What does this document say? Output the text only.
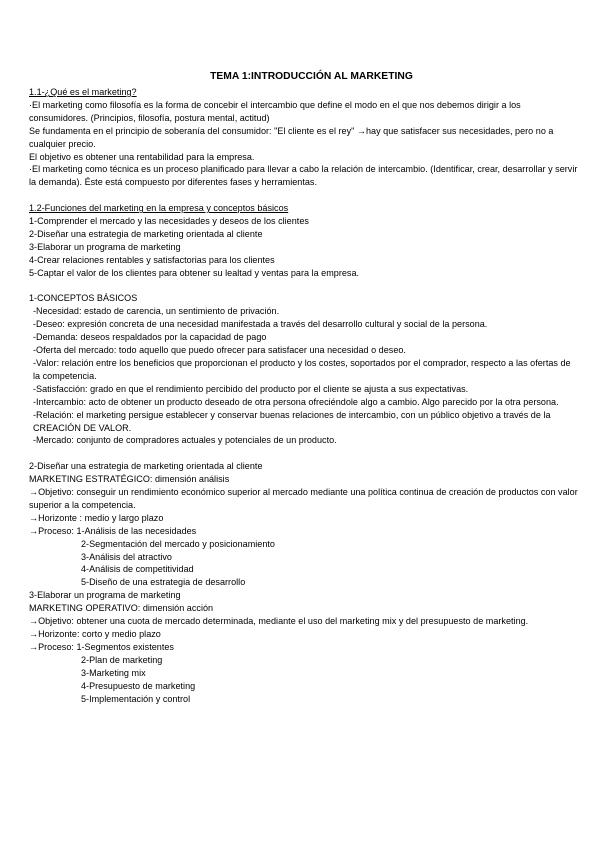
TEMA 1:INTRODUCCIÓN AL MARKETING

1.1-¿Qué es el marketing?

·El marketing como filosofía es la forma de concebir el intercambio que define el modo en el que nos debemos dirigir a los consumidores. (Principios, filosofía, postura mental, actitud)

Se fundamenta en el principio de soberanía del consumidor: "El cliente es el rey" →hay que satisfacer sus necesidades, pero no a cualquier precio.

El objetivo es obtener una rentabilidad para la empresa.

·El marketing como técnica es un proceso planificado para llevar a cabo la relación de intercambio. (Identificar, crear, desarrollar y servir la demanda). Éste está compuesto por diferentes fases y herramientas.

1.2-Funciones del marketing en la empresa y conceptos básicos

1-Comprender el mercado y las necesidades y deseos de los clientes

2-Diseñar una estrategia de marketing orientada al cliente

3-Elaborar un programa de marketing

4-Crear relaciones rentables y satisfactorias para los clientes

5-Captar el valor de los clientes para obtener su lealtad y ventas para la empresa.

1-CONCEPTOS BÁSICOS

-Necesidad: estado de carencia, un sentimiento de privación.

-Deseo: expresión concreta de una necesidad manifestada a través del desarrollo cultural y social de la persona.

-Demanda: deseos respaldados por la capacidad de pago

-Oferta del mercado: todo aquello que puedo ofrecer para satisfacer una necesidad o deseo.

-Valor: relación entre los beneficios que proporcionan el producto y los costes, soportados por el comprador, respecto a las ofertas de la competencia.

-Satisfacción: grado en que el rendimiento percibido del producto por el cliente se ajusta a sus expectativas.

-Intercambio: acto de obtener un producto deseado de otra persona ofreciéndole algo a cambio. Algo parecido por la otra persona.

-Relación: el marketing persigue establecer y conservar buenas relaciones de intercambio, con un público objetivo a través de la CREACIÓN DE VALOR.

-Mercado: conjunto de compradores actuales y potenciales de un producto.

2-Diseñar una estrategia de marketing orientada al cliente

MARKETING ESTRATÉGICO: dimensión análisis

→Objetivo: conseguir un rendimiento económico superior al mercado mediante una política continua de creación de productos con valor superior a la competencia.

→Horizonte : medio y largo plazo

→Proceso: 1-Análisis de las necesidades

2-Segmentación del mercado y posicionamiento

3-Análisis del atractivo

4-Análisis de competitividad

5-Diseño de una estrategia de desarrollo

3-Elaborar un programa de marketing

MARKETING OPERATIVO: dimensión acción

→Objetivo: obtener una cuota de mercado determinada, mediante el uso del marketing mix y del presupuesto de marketing.

→Horizonte: corto y medio plazo

→Proceso: 1-Segmentos existentes

2-Plan de marketing

3-Marketing mix

4-Presupuesto de marketing

5-Implementación y control
